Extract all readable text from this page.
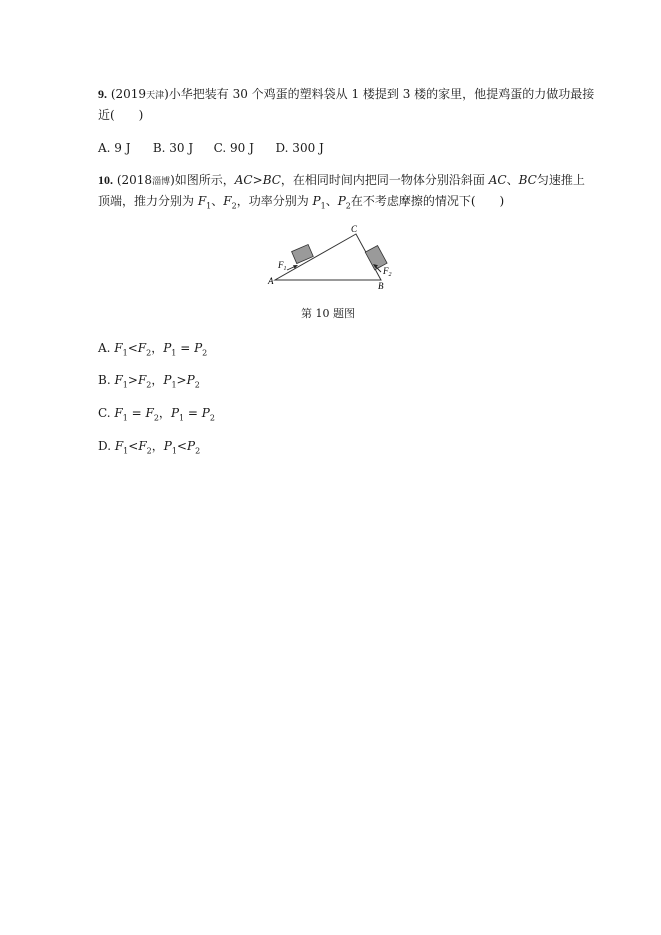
9. (2019天津)小华把装有 30 个鸡蛋的塑料袋从 1 楼提到 3 楼的家里，他提鸡蛋的力做功最接
近(　　)
A. 9 J B. 30 J C. 90 J D. 300 J
10. (2018淄博)如图所示，AC>BC，在相同时间内把同一物体分别沿斜面 AC、BC匀速推上
顶端，推力分别为 $F_1$、$F_2$，功率分别为 $P_1$、$P_2$在不考虑摩擦的情况下(　　)
A	B
C
$F_1$	$F_2$
第 10 题图
A. $F_1<F_2$，$P_1 = P_2$
B. $F_1>F_2$，$P_1>P_2$
C. $F_1 = F_2$，$P_1 = P_2$
D. $F_1<F_2$，$P_1<P_2$
